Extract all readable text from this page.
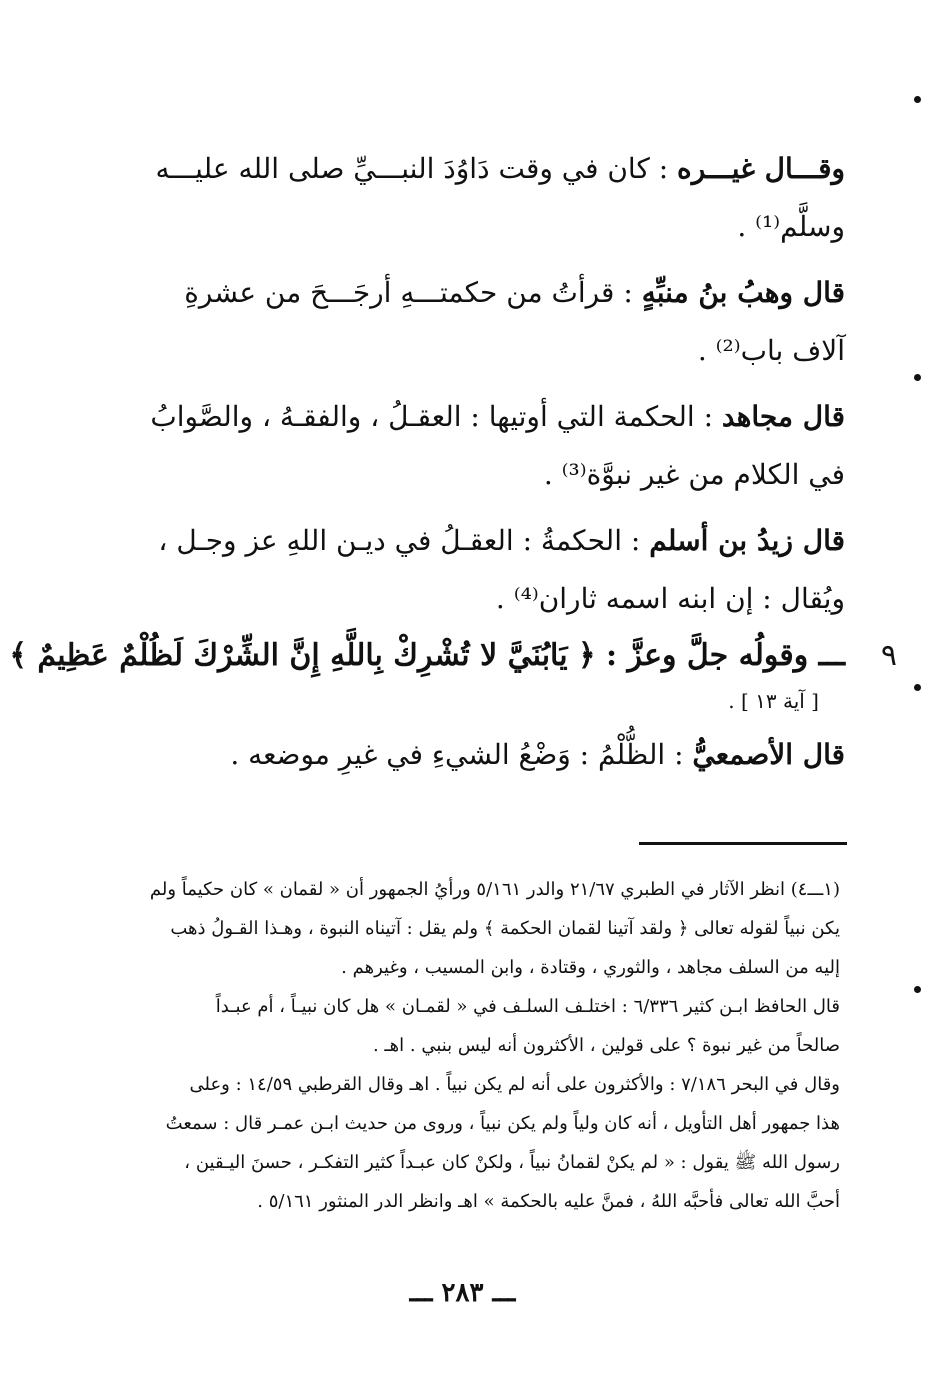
وقـــال غيـــره : كان في وقت دَاوُدَ النبـــيِّ صلى الله عليـــه
وسلَّم⁽¹⁾ .
قال وهبُ بنُ منبِّهٍ : قرأتُ من حكمتـــهِ أرجَـــحَ من عشرةِ
آلاف باب⁽²⁾ .
قال مجاهد : الحكمة التي أوتيها : العقـلُ ، والفقـهُ ، والصَّوابُ
في الكلام من غير نبوَّة⁽³⁾ .
قال زيدُ بن أسلم : الحكمةُ : العقـلُ في ديـن اللهِ عز وجـل ،
ويُقال : إن ابنه اسمه ثاران⁽⁴⁾ .
٩
ـــ وقولُه جلَّ وعزَّ : ﴿ يَابُنَيَّ لا تُشْرِكْ بِاللَّهِ إِنَّ الشِّرْكَ لَظُلْمٌ عَظِيمٌ ﴾
[ آية ١٣ ] .
قال الأصمعيُّ : الظُّلْمُ : وَضْعُ الشيءِ في غيرِ موضعه .
(١ـــ٤) انظر الآثار في الطبري ٢١/٦٧ والدر ٥/١٦١ ورأيُ الجمهور أن « لقمان » كان حكيماً ولم
يكن نبياً لقوله تعالى ﴿ ولقد آتينا لقمان الحكمة ﴾ ولم يقل : آتيناه النبوة ، وهـذا القـولُ ذهب
إليه من السلف مجاهد ، والثوري ، وقتادة ، وابن المسيب ، وغيرهم .
قال الحافظ ابـن كثير ٦/٣٣٦ : اختلـف السلـف في « لقمـان » هل كان نبيـاً ، أم عبـداً
صالحاً من غير نبوة ؟ على قولين ، الأكثرون أنه ليس بنبي . اهـ .
وقال في البحر ٧/١٨٦ : والأكثرون على أنه لم يكن نبياً . اهـ وقال القرطبي ١٤/٥٩ : وعلى
هذا جمهور أهل التأويل ، أنه كان ولياً ولم يكن نبياً ، وروى من حديث ابـن عمـر قال : سمعتُ
رسول الله ﷺ يقول : « لم يكنْ لقمانُ نبياً ، ولكنْ كان عبـداً كثير التفكـر ، حسنَ اليـقين ،
أحبَّ الله تعالى فأحبَّه اللهُ ، فمنَّ عليه بالحكمة » اهـ وانظر الدر المنثور ٥/١٦١ .
ـــ ٢٨٣ ـــ
